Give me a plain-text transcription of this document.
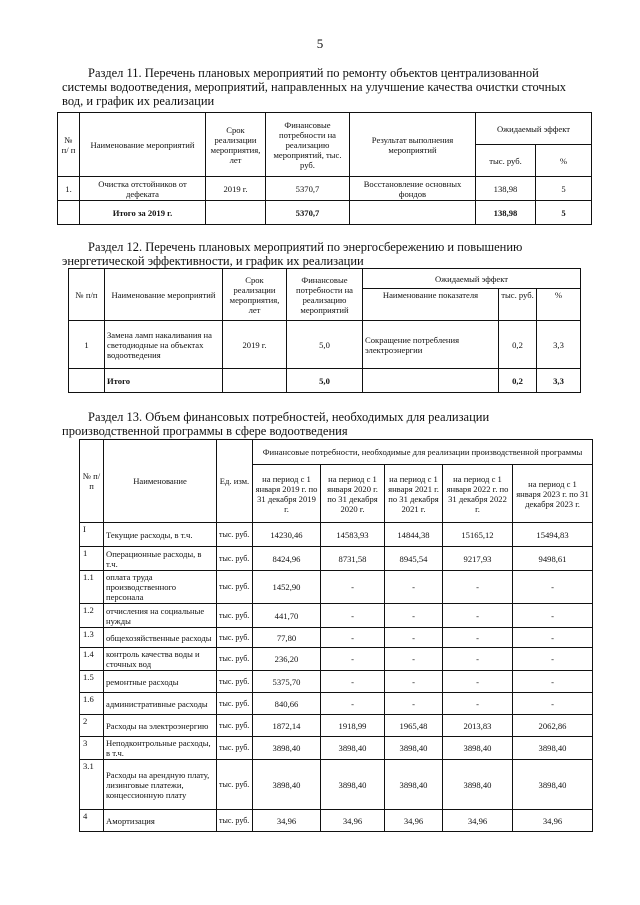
5
Раздел 11. Перечень плановых мероприятий по ремонту объектов централизованной
системы водоотведения, мероприятий, направленных на улучшение качества очистки сточных
вод, и график их реализации
№ п/ п	Наименование мероприятий	Срок реализации мероприятия, лет	Финансовые потребности на реализацию мероприятий, тыс. руб.	Результат выполнения мероприятий	Ожидаемый эффект	
					тыс. руб.	%
1.	Очистка отстойников от дефеката	2019 г.	5370,7	Восстановление основных фондов	138,98	5
	Итого за 2019 г.		5370,7		138,98	5
Раздел 12. Перечень плановых мероприятий по энергосбережению и повышению
энергетической эффективности, и график их реализации
№ п/п	Наименование мероприятий	Срок реализации мероприятия, лет	Финансовые потребности на реализацию мероприятий	Ожидаемый эффект		
				Наименование показателя	тыс. руб.	%
1	Замена ламп накаливания на светодиодные на объектах водоотведения	2019 г.	5,0	Сокращение потребления электроэнергии	0,2	3,3
	Итого		5,0		0,2	3,3
Раздел 13. Объем финансовых потребностей, необходимых для реализации
производственной программы в сфере водоотведения
№ п/п	Наименование	Ед. изм.	Финансовые потребности, необходимые для реализации производственной программы				
			на период с 1 января 2019 г. по 31 декабря 2019 г.	на период с 1 января 2020 г. по 31 декабря 2020 г.	на период с 1 января 2021 г. по 31 декабря 2021 г.	на период с 1 января 2022 г. по 31 декабря 2022 г.	на период с 1 января 2023 г. по 31 декабря 2023 г.
I	Текущие расходы, в т.ч.	тыс. руб.	14230,46	14583,93	14844,38	15165,12	15494,83
1	Операционные расходы, в т.ч.	тыс. руб.	8424,96	8731,58	8945,54	9217,93	9498,61
1.1	оплата труда производственного персонала	тыс. руб.	1452,90	-	-	-	-
1.2	отчисления на социальные нужды	тыс. руб.	441,70	-	-	-	-
1.3	общехозяйственные расходы	тыс. руб.	77,80	-	-	-	-
1.4	контроль качества воды и сточных вод	тыс. руб.	236,20	-	-	-	-
1.5	ремонтные расходы	тыс. руб.	5375,70	-	-	-	-
1.6	административные расходы	тыс. руб.	840,66	-	-	-	-
2	Расходы на электроэнергию	тыс. руб.	1872,14	1918,99	1965,48	2013,83	2062,86
3	Неподконтрольные расходы, в т.ч.	тыс. руб.	3898,40	3898,40	3898,40	3898,40	3898,40
3.1	Расходы на арендную плату, лизинговые платежи, концессионную плату	тыс. руб.	3898,40	3898,40	3898,40	3898,40	3898,40
4	Амортизация	тыс. руб.	34,96	34,96	34,96	34,96	34,96
